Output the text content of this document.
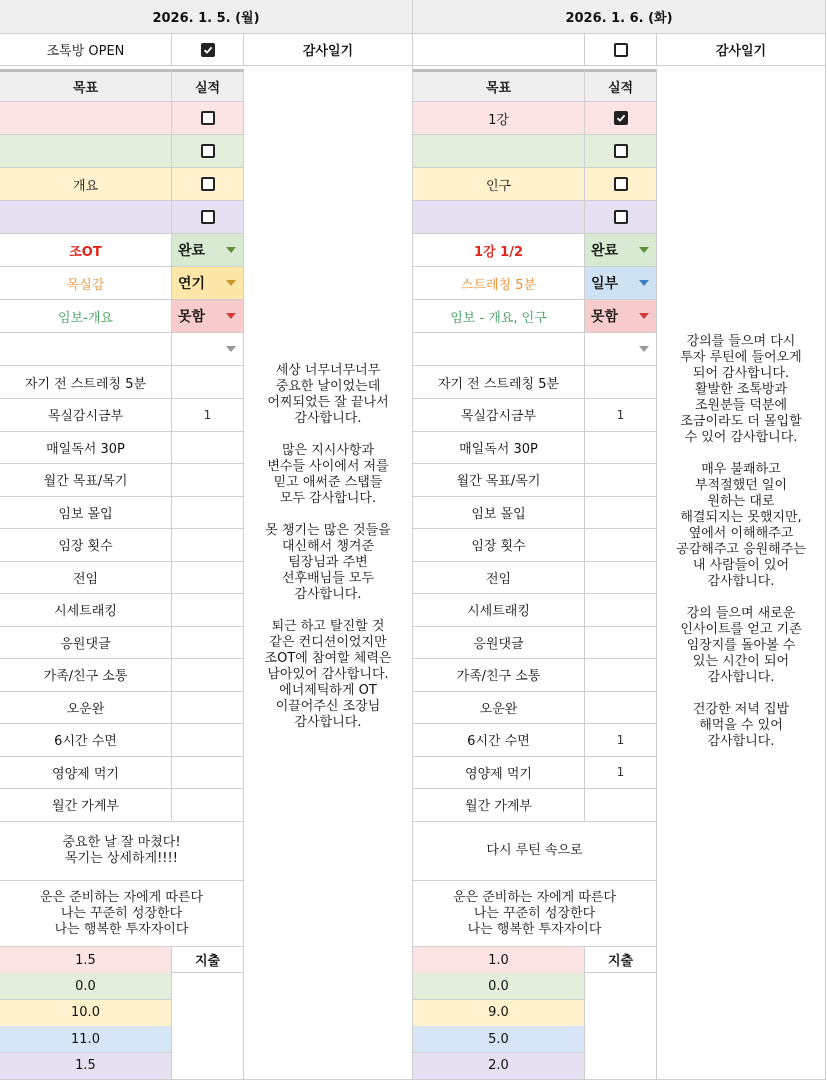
2026. 1. 5. (월)
조톡방 OPEN	감사일기
목표	실적
개요
조OT	완료
목실감	연기
임보-개요	못함
자기 전 스트레칭 5분
목실감시금부	1
매일독서 30P
월간 목표/목기
임보 몰입
임장 횟수
전임
시세트래킹
응원댓글
가족/친구 소통
오운완
6시간 수면
영양제 먹기
월간 가계부
세상 너무너무너무
중요한 날이었는데
어찌되었든 잘 끝나서
감사합니다.
많은 지시사항과
변수들 사이에서 저를
믿고 애써준 스탭들
모두 감사합니다.
못 챙기는 많은 것들을
대신해서 챙겨준
팀장님과 주변
선후배님들 모두
감사합니다.
퇴근 하고 탈진할 것
같은 컨디션이었지만
조OT에 참여할 체력은
남아있어 감사합니다.
에너제틱하게 OT
이끌어주신 조장님
감사합니다.
중요한 날 잘 마쳤다!
목기는 상세하게!!!!
운은 준비하는 자에게 따른다
나는 꾸준히 성장한다
나는 행복한 투자자이다
지출
1.5
0.0
10.0
11.0
1.5
2026. 1. 6. (화)
감사일기
목표	실적
1강
인구
1강 1/2	완료
스트레칭 5분	일부
임보 - 개요, 인구	못함
자기 전 스트레칭 5분
목실감시금부	1
매일독서 30P
월간 목표/목기
임보 몰입
임장 횟수
전임
시세트래킹
응원댓글
가족/친구 소통
오운완
6시간 수면	1
영양제 먹기	1
월간 가계부
강의를 들으며 다시
투자 루틴에 들어오게
되어 감사합니다.
활발한 조톡방과
조원분들 덕분에
조금이라도 더 몰입할
수 있어 감사합니다.
매우 불쾌하고
부적절했던 일이
원하는 대로
해결되지는 못했지만,
옆에서 이해해주고
공감해주고 응원해주는
내 사람들이 있어
감사합니다.
강의 들으며 새로운
인사이트를 얻고 기존
임장지를 돌아볼 수
있는 시간이 되어
감사합니다.
건강한 저녁 집밥
해먹을 수 있어
감사합니다.
다시 루틴 속으로
운은 준비하는 자에게 따른다
나는 꾸준히 성장한다
나는 행복한 투자자이다
지출
1.0
0.0
9.0
5.0
2.0
